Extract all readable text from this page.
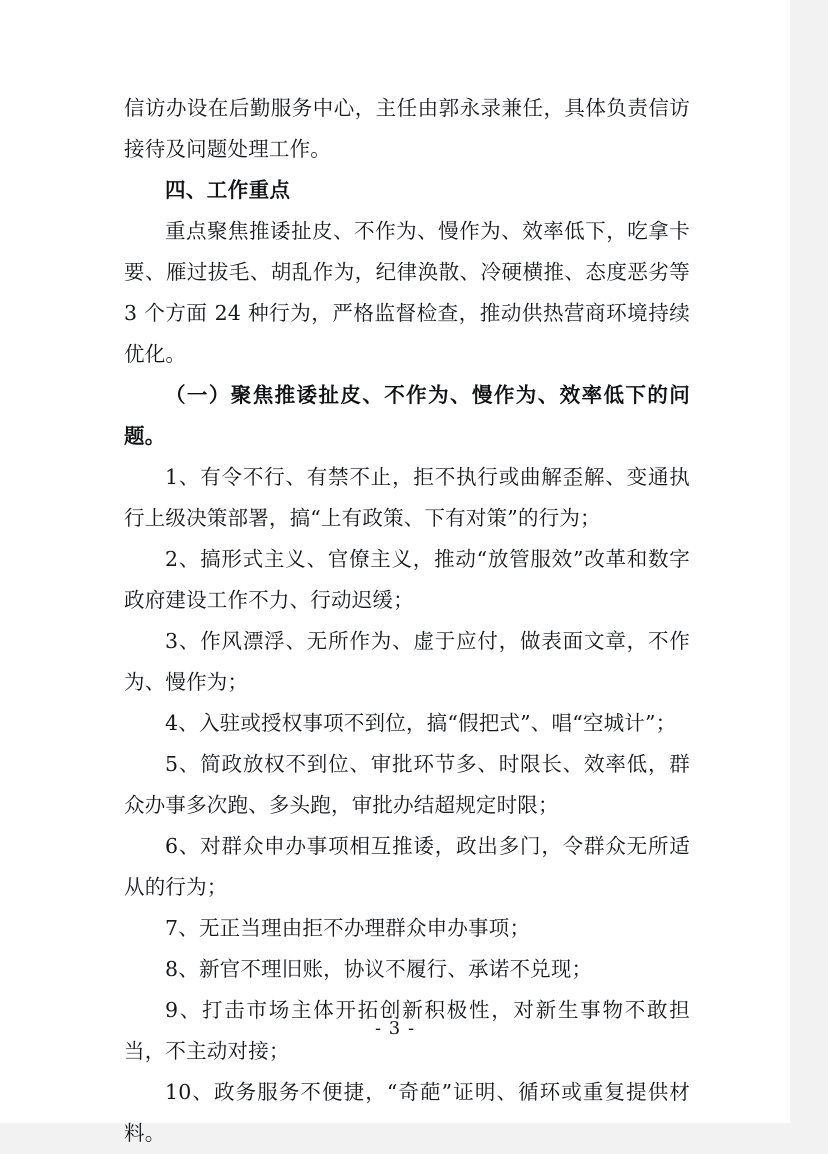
信访办设在后勤服务中心，主任由郭永录兼任，具体负责信访接待及问题处理工作。

四、工作重点

重点聚焦推诿扯皮、不作为、慢作为、效率低下，吃拿卡要、雁过拔毛、胡乱作为，纪律涣散、冷硬横推、态度恶劣等 3 个方面 24 种行为，严格监督检查，推动供热营商环境持续优化。

（一）聚焦推诿扯皮、不作为、慢作为、效率低下的问题。

1、有令不行、有禁不止，拒不执行或曲解歪解、变通执行上级决策部署，搞“上有政策、下有对策”的行为；

2、搞形式主义、官僚主义，推动“放管服效”改革和数字政府建设工作不力、行动迟缓；

3、作风漂浮、无所作为、虚于应付，做表面文章，不作为、慢作为；

4、入驻或授权事项不到位，搞“假把式”、唱“空城计”；

5、简政放权不到位、审批环节多、时限长、效率低，群众办事多次跑、多头跑，审批办结超规定时限；

6、对群众申办事项相互推诿，政出多门，令群众无所适从的行为；

7、无正当理由拒不办理群众申办事项；

8、新官不理旧账，协议不履行、承诺不兑现；

9、打击市场主体开拓创新积极性，对新生事物不敢担当，不主动对接；

10、政务服务不便捷，“奇葩”证明、循环或重复提供材料。

- 3 -
